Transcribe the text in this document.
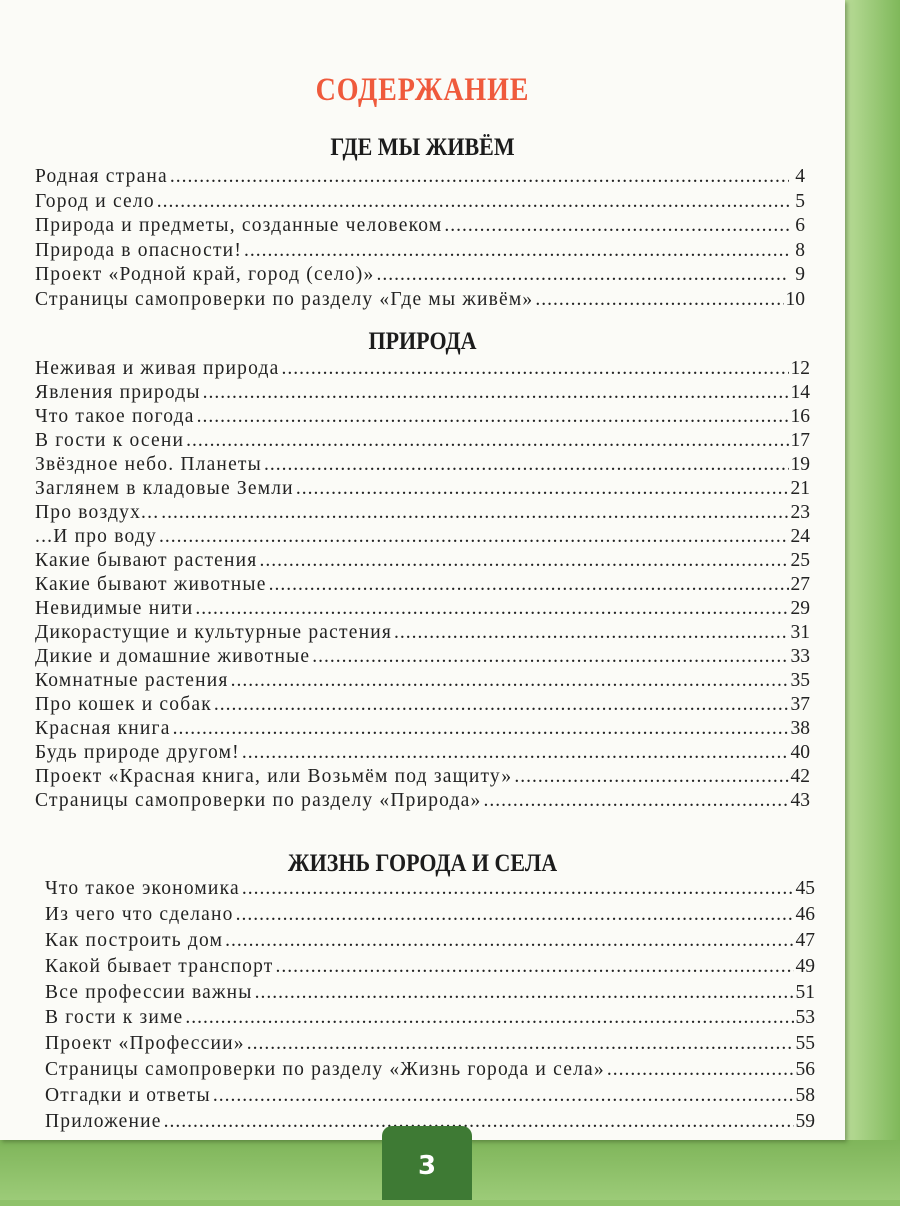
СОДЕРЖАНИЕ
ГДЕ МЫ ЖИВЁМ
Родная страна .....	4
Город и село .....	5
Природа и предметы, созданные человеком .....	6
Природа в опасности! .....	8
Проект «Родной край, город (село)» .....	9
Страницы самопроверки по разделу «Где мы живём» .....	10
ПРИРОДА
Неживая и живая природа .....	12
Явления природы .....	14
Что такое погода .....	16
В гости к осени .....	17
Звёздное небо. Планеты .....	19
Заглянем в кладовые Земли .....	21
Про воздух... .....	23
...И про воду .....	24
Какие бывают растения .....	25
Какие бывают животные .....	27
Невидимые нити .....	29
Дикорастущие и культурные растения .....	31
Дикие и домашние животные .....	33
Комнатные растения .....	35
Про кошек и собак .....	37
Красная книга .....	38
Будь природе другом! .....	40
Проект «Красная книга, или Возьмём под защиту» .....	42
Страницы самопроверки по разделу «Природа» .....	43
ЖИЗНЬ ГОРОДА И СЕЛА
Что такое экономика .....	45
Из чего что сделано .....	46
Как построить дом .....	47
Какой бывает транспорт .....	49
Все профессии важны .....	51
В гости к зиме .....	53
Проект «Профессии» .....	55
Страницы самопроверки по разделу «Жизнь города и села» .....	56
Отгадки и ответы .....	58
Приложение .....	59
3
